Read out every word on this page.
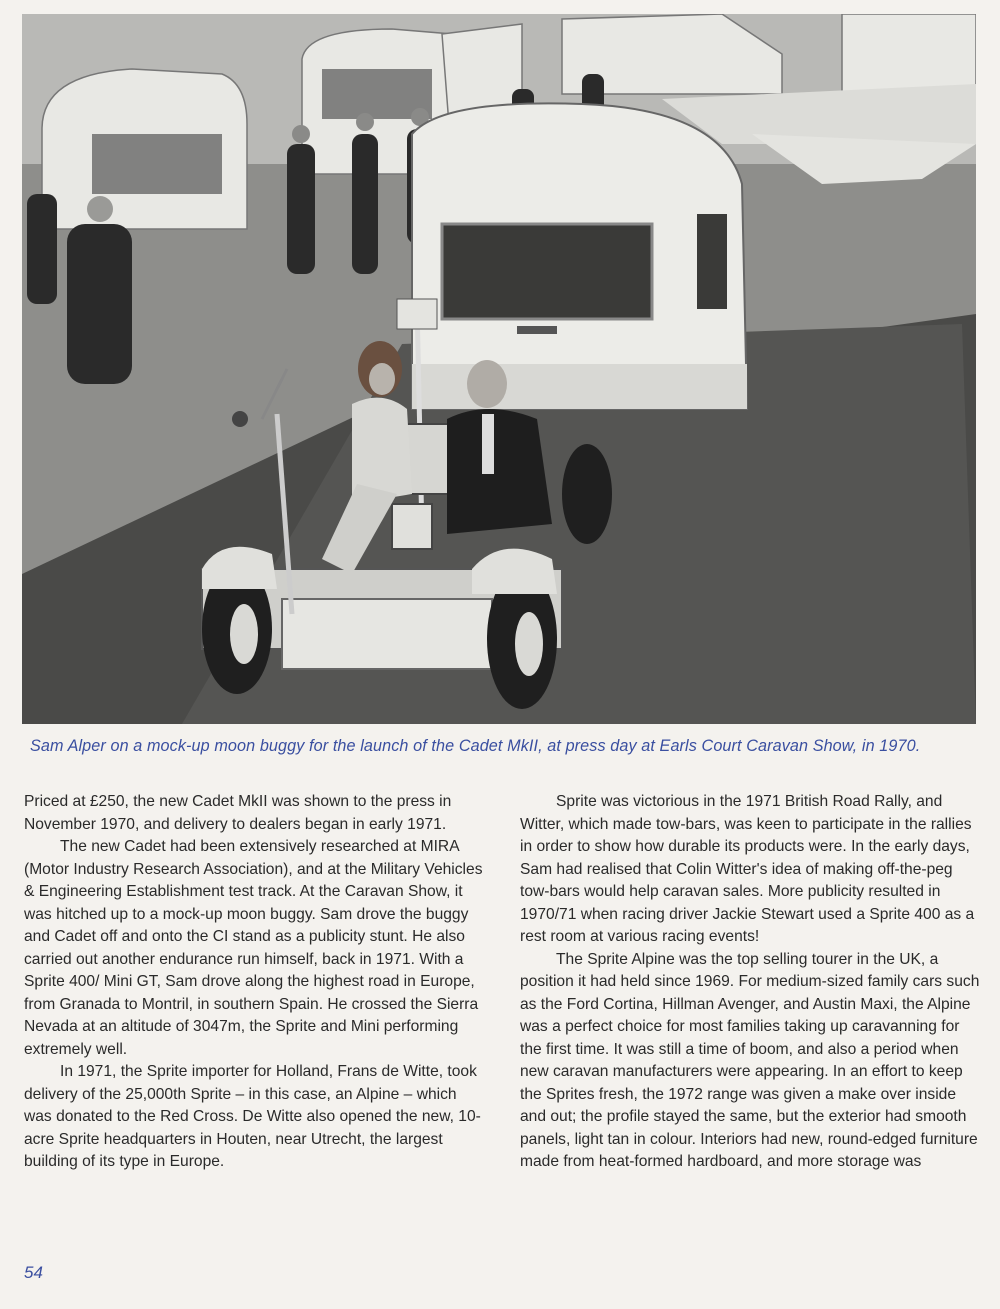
Sam Alper on a mock-up moon buggy for the launch of the Cadet MkII, at press day at Earls Court Caravan Show, in 1970.

Priced at £250, the new Cadet MkII was shown to the press in November 1970, and delivery to dealers began in early 1971.

The new Cadet had been extensively researched at MIRA (Motor Industry Research Association), and at the Military Vehicles & Engineering Establishment test track. At the Caravan Show, it was hitched up to a mock-up moon buggy. Sam drove the buggy and Cadet off and onto the CI stand as a publicity stunt. He also carried out another endurance run himself, back in 1971. With a Sprite 400/ Mini GT, Sam drove along the highest road in Europe, from Granada to Montril, in southern Spain. He crossed the Sierra Nevada at an altitude of 3047m, the Sprite and Mini performing extremely well.

In 1971, the Sprite importer for Holland, Frans de Witte, took delivery of the 25,000th Sprite – in this case, an Alpine – which was donated to the Red Cross. De Witte also opened the new, 10-acre Sprite headquarters in Houten, near Utrecht, the largest building of its type in Europe.

Sprite was victorious in the 1971 British Road Rally, and Witter, which made tow-bars, was keen to participate in the rallies in order to show how durable its products were. In the early days, Sam had realised that Colin Witter's idea of making off-the-peg tow-bars would help caravan sales. More publicity resulted in 1970/71 when racing driver Jackie Stewart used a Sprite 400 as a rest room at various racing events!

The Sprite Alpine was the top selling tourer in the UK, a position it had held since 1969. For medium-sized family cars such as the Ford Cortina, Hillman Avenger, and Austin Maxi, the Alpine was a perfect choice for most families taking up caravanning for the first time. It was still a time of boom, and also a period when new caravan manufacturers were appearing. In an effort to keep the Sprites fresh, the 1972 range was given a make over inside and out; the profile stayed the same, but the exterior had smooth panels, light tan in colour. Interiors had new, round-edged furniture made from heat-formed hardboard, and more storage was

54
